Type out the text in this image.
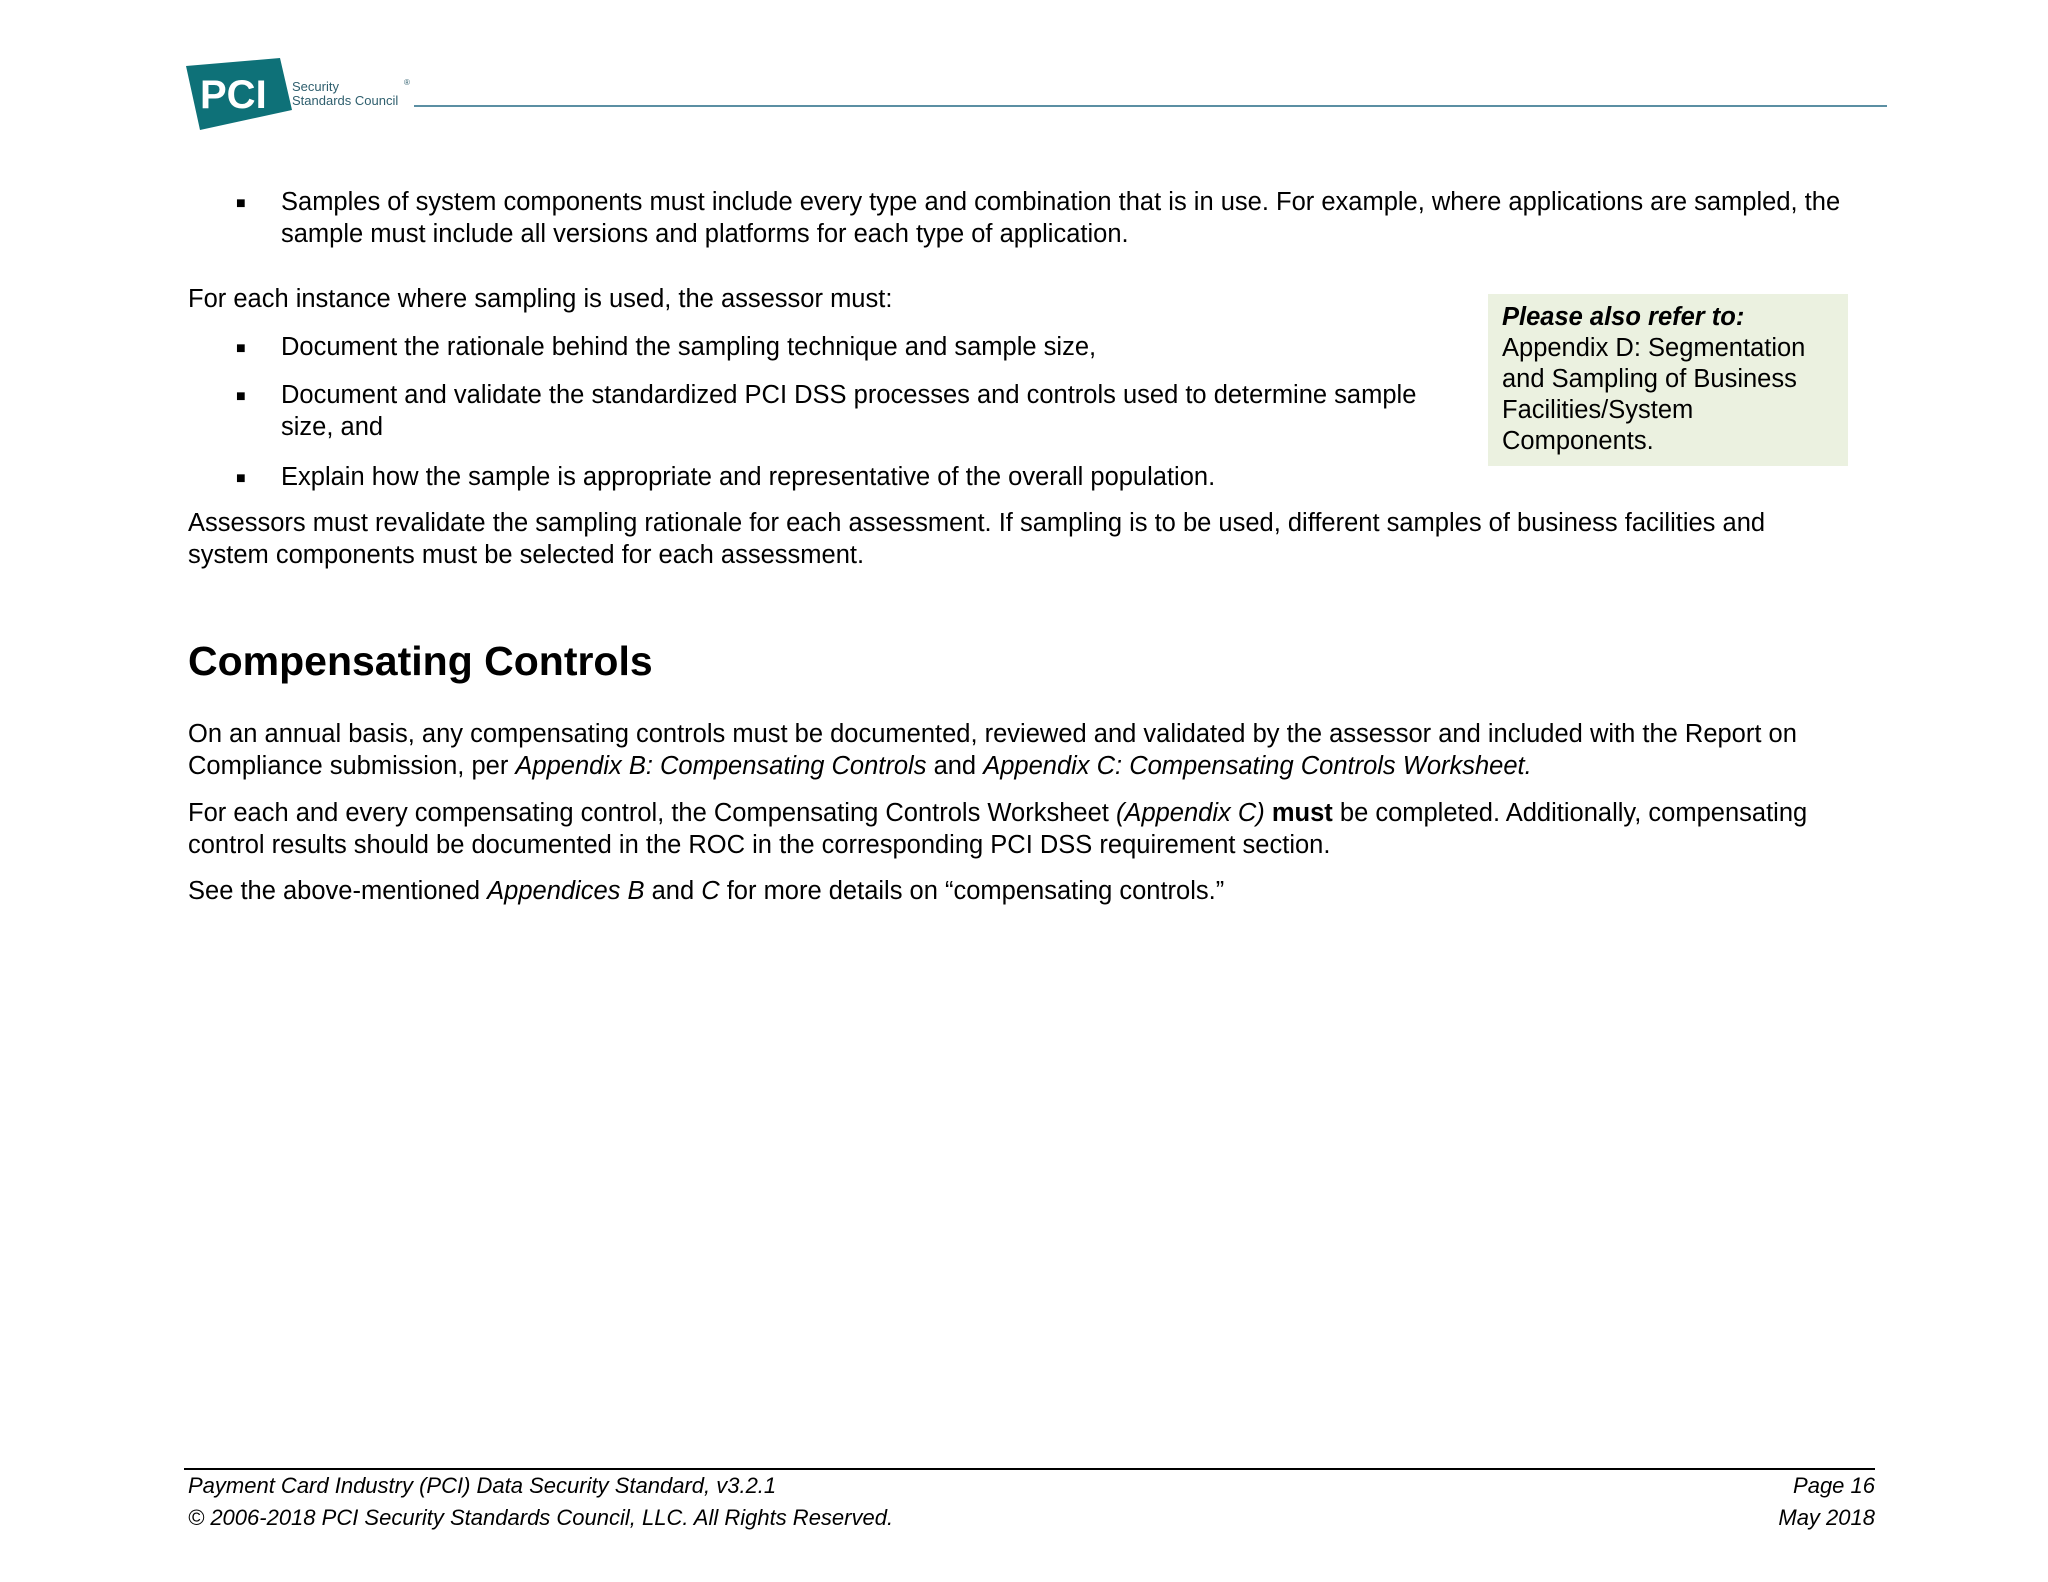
PCI Security
Standards Council
®
■ Samples of system components must include every type and combination that is in use. For example, where applications are sampled, the sample must include all versions and platforms for each type of application.

For each instance where sampling is used, the assessor must:

■ Document the rationale behind the sampling technique and sample size,

■ Document and validate the standardized PCI DSS processes and controls used to determine sample size, and

■ Explain how the sample is appropriate and representative of the overall population.

Assessors must revalidate the sampling rationale for each assessment. If sampling is to be used, different samples of business facilities and system components must be selected for each assessment.

Please also refer to:
Appendix D: Segmentation and Sampling of Business Facilities/System Components.
Compensating Controls

On an annual basis, any compensating controls must be documented, reviewed and validated by the assessor and included with the Report on Compliance submission, per Appendix B: Compensating Controls and Appendix C: Compensating Controls Worksheet.

For each and every compensating control, the Compensating Controls Worksheet (Appendix C) must be completed. Additionally, compensating control results should be documented in the ROC in the corresponding PCI DSS requirement section.

See the above-mentioned Appendices B and C for more details on “compensating controls.”

Payment Card Industry (PCI) Data Security Standard, v3.2.1
© 2006-2018 PCI Security Standards Council, LLC. All Rights Reserved.
Page 16
May 2018
